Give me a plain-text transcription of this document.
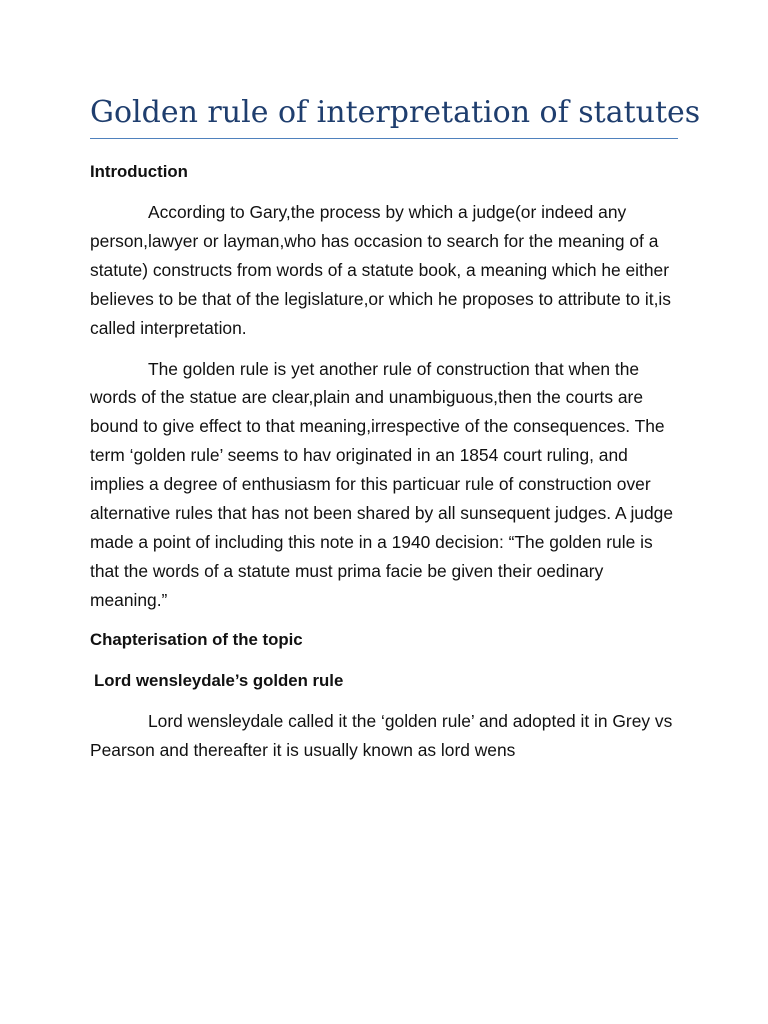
Golden rule of interpretation of statutes

Introduction

According to Gary,the process by which a judge(or indeed any person,lawyer or layman,who has occasion to search for the meaning of a statute) constructs from words of a statute book, a meaning which he either believes to be that of the legislature,or which he proposes to attribute to it,is called interpretation.

The golden rule is yet another rule of construction that when the words of the statue are clear,plain and unambiguous,then the courts are bound to give effect to that meaning,irrespective of the consequences. The term ‘golden rule’ seems to hav originated in an 1854 court ruling, and implies a degree of enthusiasm for this particuar rule of construction over alternative rules that has not been shared by all sunsequent judges. A judge made a point of including this note in a 1940 decision: “The golden rule is that the words of a statute must prima facie be given their oedinary meaning.”

Chapterisation of the topic

Lord wensleydale’s golden rule

Lord wensleydale called it the ‘golden rule’ and adopted it in Grey vs Pearson and thereafter it is usually known as lord wens
